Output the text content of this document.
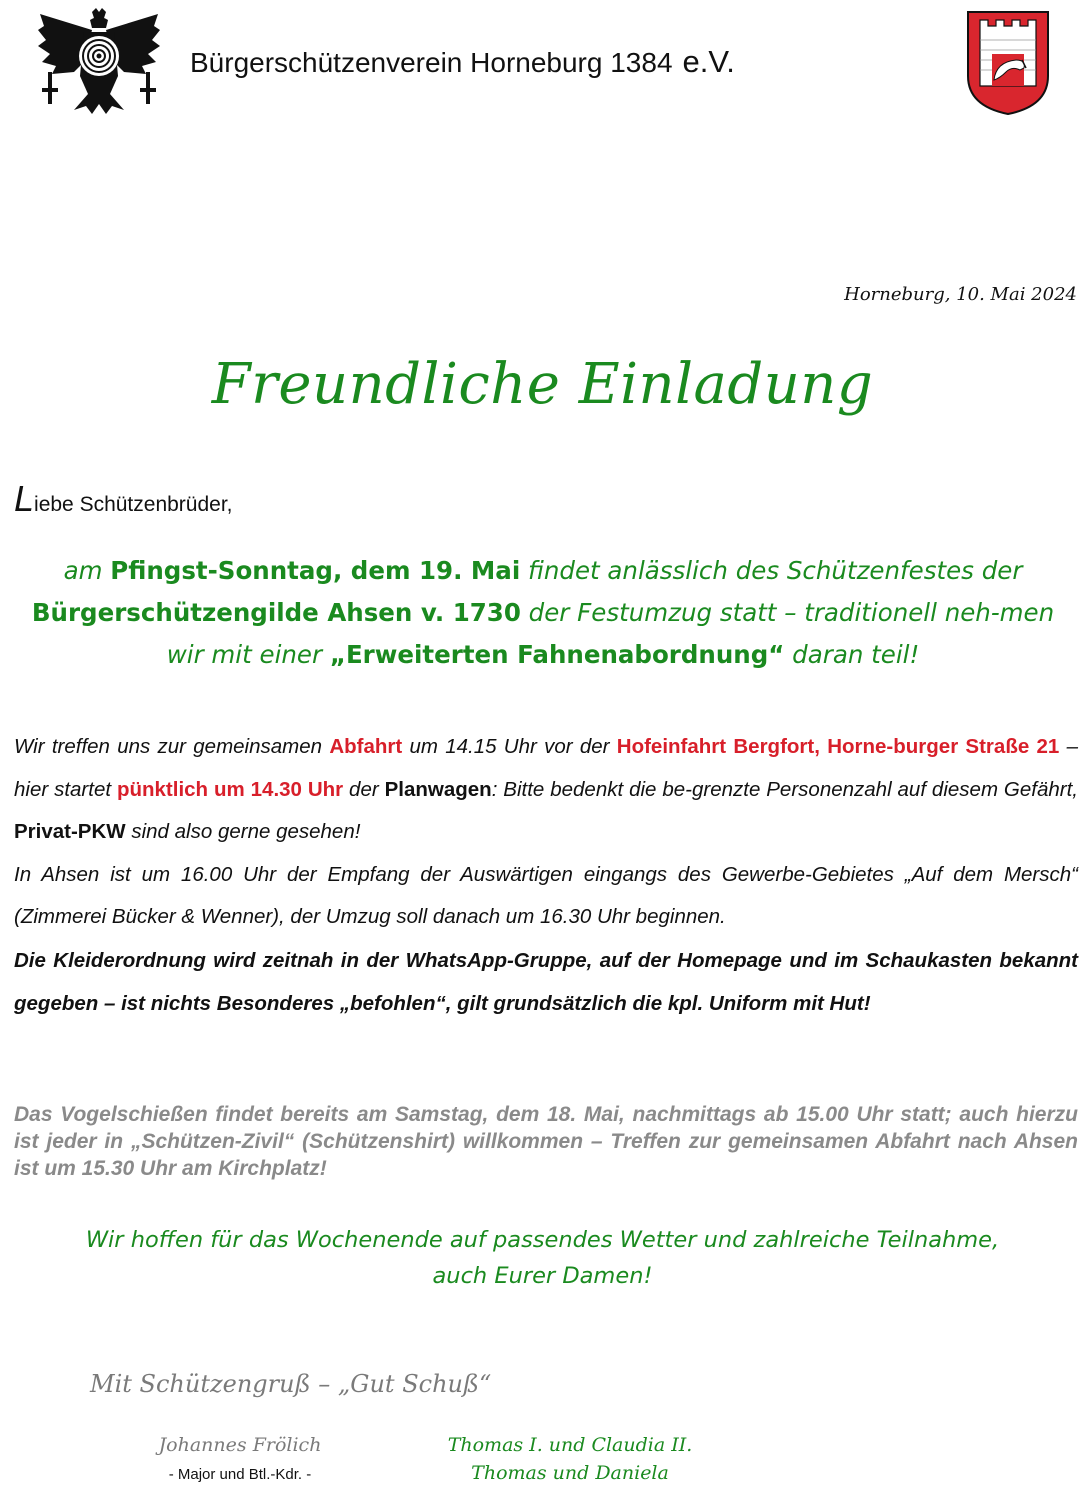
Bürgerschützenverein Horneburg 1384 e.V.
Horneburg, 10. Mai 2024
Freundliche Einladung
Liebe Schützenbrüder,
am Pfingst-Sonntag, dem 19. Mai findet anlässlich des Schützenfestes der Bürgerschützengilde Ahsen v. 1730 der Festumzug statt – traditionell neh-men wir mit einer „Erweiterten Fahnenabordnung“ daran teil!

Wir treffen uns zur gemeinsamen Abfahrt um 14.15 Uhr vor der Hofeinfahrt Bergfort, Horne-burger Straße 21 – hier startet pünktlich um 14.30 Uhr der Planwagen: Bitte bedenkt die be-grenzte Personenzahl auf diesem Gefährt, Privat-PKW sind also gerne gesehen!

In Ahsen ist um 16.00 Uhr der Empfang der Auswärtigen eingangs des Gewerbe-Gebietes „Auf dem Mersch“ (Zimmerei Bücker & Wenner), der Umzug soll danach um 16.30 Uhr beginnen.

Die Kleiderordnung wird zeitnah in der WhatsApp-Gruppe, auf der Homepage und im Schaukasten bekannt gegeben – ist nichts Besonderes „befohlen“, gilt grundsätzlich die kpl. Uniform mit Hut!

Das Vogelschießen findet bereits am Samstag, dem 18. Mai, nachmittags ab 15.00 Uhr statt; auch hierzu ist jeder in „Schützen-Zivil“ (Schützenshirt) willkommen – Treffen zur gemeinsamen Abfahrt nach Ahsen ist um 15.30 Uhr am Kirchplatz!
Wir hoffen für das Wochenende auf passendes Wetter und zahlreiche Teilnahme,
auch Eurer Damen!
Mit Schützengruß – „Gut Schuß“
Johannes Frölich
- Major und Btl.-Kdr. -
Thomas I. und Claudia II.
Thomas und Daniela
